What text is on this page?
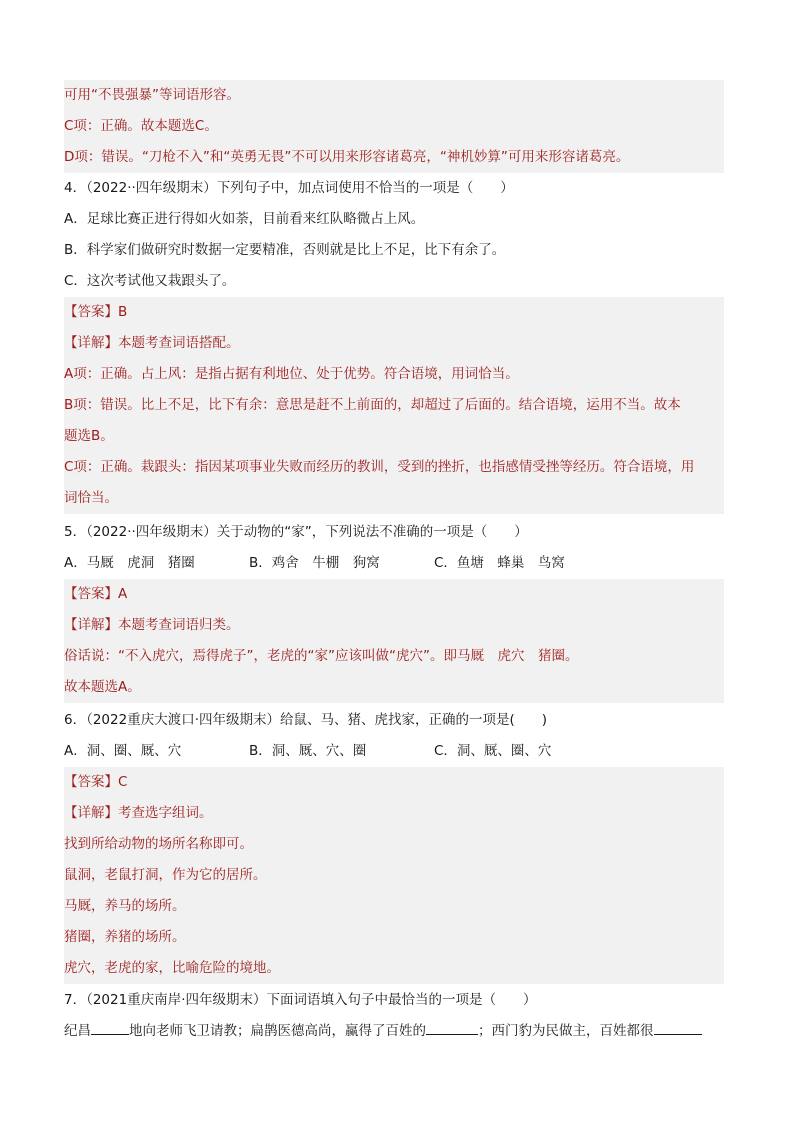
可用“不畏强暴”等词语形容。
C项：正确。故本题选C。
D项：错误。“刀枪不入”和“英勇无畏”不可以用来形容诸葛亮，“神机妙算”可用来形容诸葛亮。
4．（2022··四年级期末）下列句子中，加点词使用不恰当的一项是（　　）
A．足球比赛正进行得如火如荼，目前看来红队略微占上风。
B．科学家们做研究时数据一定要精准，否则就是比上不足，比下有余了。
C．这次考试他又栽跟头了。
【答案】B
【详解】本题考查词语搭配。
A项：正确。占上风：是指占据有利地位、处于优势。符合语境，用词恰当。
B项：错误。比上不足，比下有余：意思是赶不上前面的，却超过了后面的。结合语境，运用不当。故本
题选B。
C项：正确。栽跟头：指因某项事业失败而经历的教训，受到的挫折，也指感情受挫等经历。符合语境，用
词恰当。
5．（2022··四年级期末）关于动物的“家”，下列说法不准确的一项是（　　）
A．马厩　虎洞　猪圈	B．鸡舍　牛棚　狗窝	C．鱼塘　蜂巢　鸟窝
【答案】A
【详解】本题考查词语归类。
俗话说：“不入虎穴，焉得虎子”，老虎的“家”应该叫做“虎穴”。即马厩　虎穴　猪圈。
故本题选A。
6．（2022重庆大渡口·四年级期末）给鼠、马、猪、虎找家，正确的一项是(　　)
A．洞、圈、厩、穴	B．洞、厩、穴、圈	C．洞、厩、圈、穴
【答案】C
【详解】考查选字组词。
找到所给动物的场所名称即可。
鼠洞，老鼠打洞，作为它的居所。
马厩，养马的场所。
猪圈，养猪的场所。
虎穴，老虎的家，比喻危险的境地。
7．（2021重庆南岸·四年级期末）下面词语填入句子中最恰当的一项是（　　）
纪昌	地向老师飞卫请教；扁鹊医德高尚，赢得了百姓的	；西门豹为民做主，百姓都很
